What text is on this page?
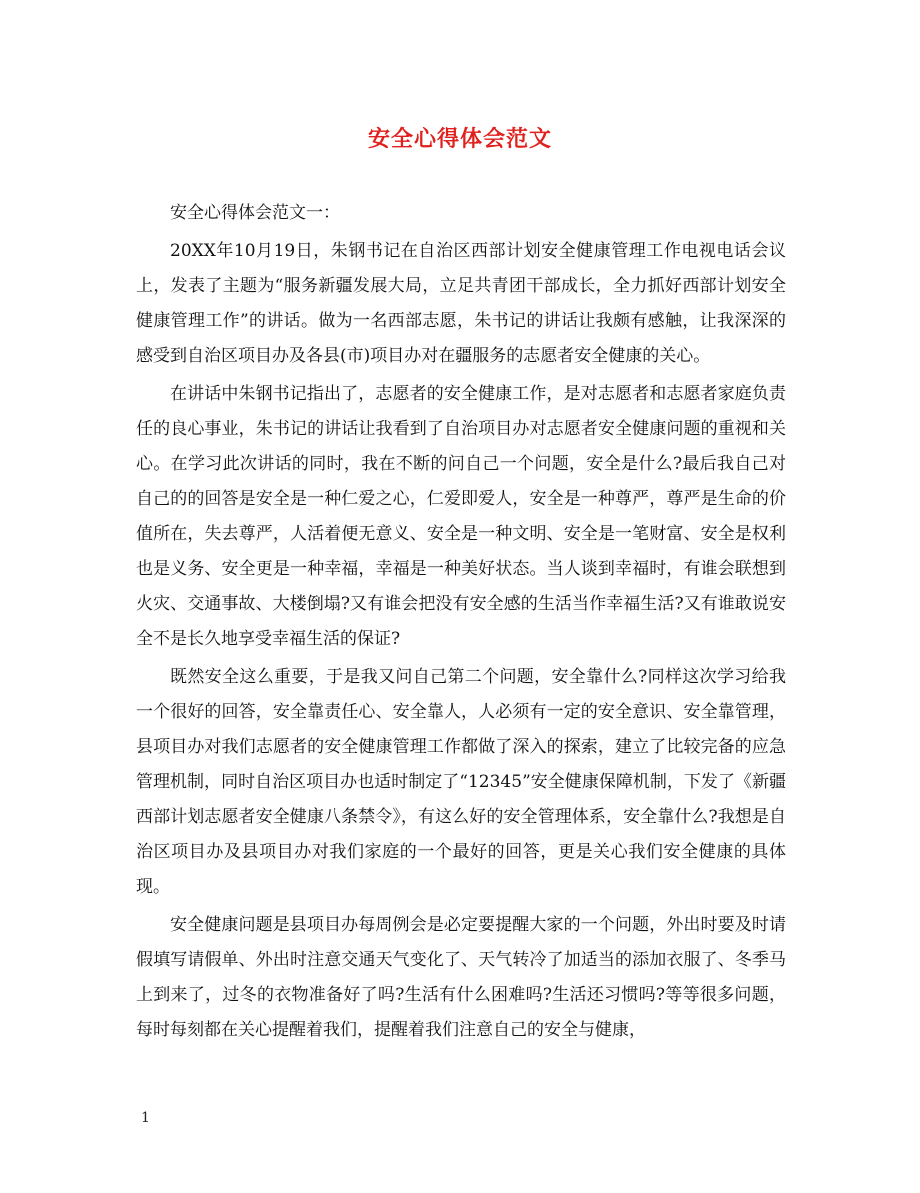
安全心得体会范文

安全心得体会范文一：

20XX年10月19日，朱钢书记在自治区西部计划安全健康管理工作电视电话会议上，发表了主题为“服务新疆发展大局，立足共青团干部成长，全力抓好西部计划安全健康管理工作”的讲话。做为一名西部志愿，朱书记的讲话让我颇有感触，让我深深的感受到自治区项目办及各县(市)项目办对在疆服务的志愿者安全健康的关心。

在讲话中朱钢书记指出了，志愿者的安全健康工作，是对志愿者和志愿者家庭负责任的良心事业，朱书记的讲话让我看到了自治项目办对志愿者安全健康问题的重视和关心。在学习此次讲话的同时，我在不断的问自己一个问题，安全是什么?最后我自己对自己的的回答是安全是一种仁爱之心，仁爱即爱人，安全是一种尊严，尊严是生命的价值所在，失去尊严，人活着便无意义、安全是一种文明、安全是一笔财富、安全是权利也是义务、安全更是一种幸福，幸福是一种美好状态。当人谈到幸福时，有谁会联想到火灾、交通事故、大楼倒塌?又有谁会把没有安全感的生活当作幸福生活?又有谁敢说安全不是长久地享受幸福生活的保证?

既然安全这么重要，于是我又问自己第二个问题，安全靠什么?同样这次学习给我一个很好的回答，安全靠责任心、安全靠人，人必须有一定的安全意识、安全靠管理，县项目办对我们志愿者的安全健康管理工作都做了深入的探索，建立了比较完备的应急管理机制，同时自治区项目办也适时制定了“12345”安全健康保障机制，下发了《新疆西部计划志愿者安全健康八条禁令》，有这么好的安全管理体系，安全靠什么?我想是自治区项目办及县项目办对我们家庭的一个最好的回答，更是关心我们安全健康的具体现。

安全健康问题是县项目办每周例会是必定要提醒大家的一个问题，外出时要及时请假填写请假单、外出时注意交通天气变化了、天气转冷了加适当的添加衣服了、冬季马上到来了，过冬的衣物准备好了吗?生活有什么困难吗?生活还习惯吗?等等很多问题，每时每刻都在关心提醒着我们，提醒着我们注意自己的安全与健康，

1
